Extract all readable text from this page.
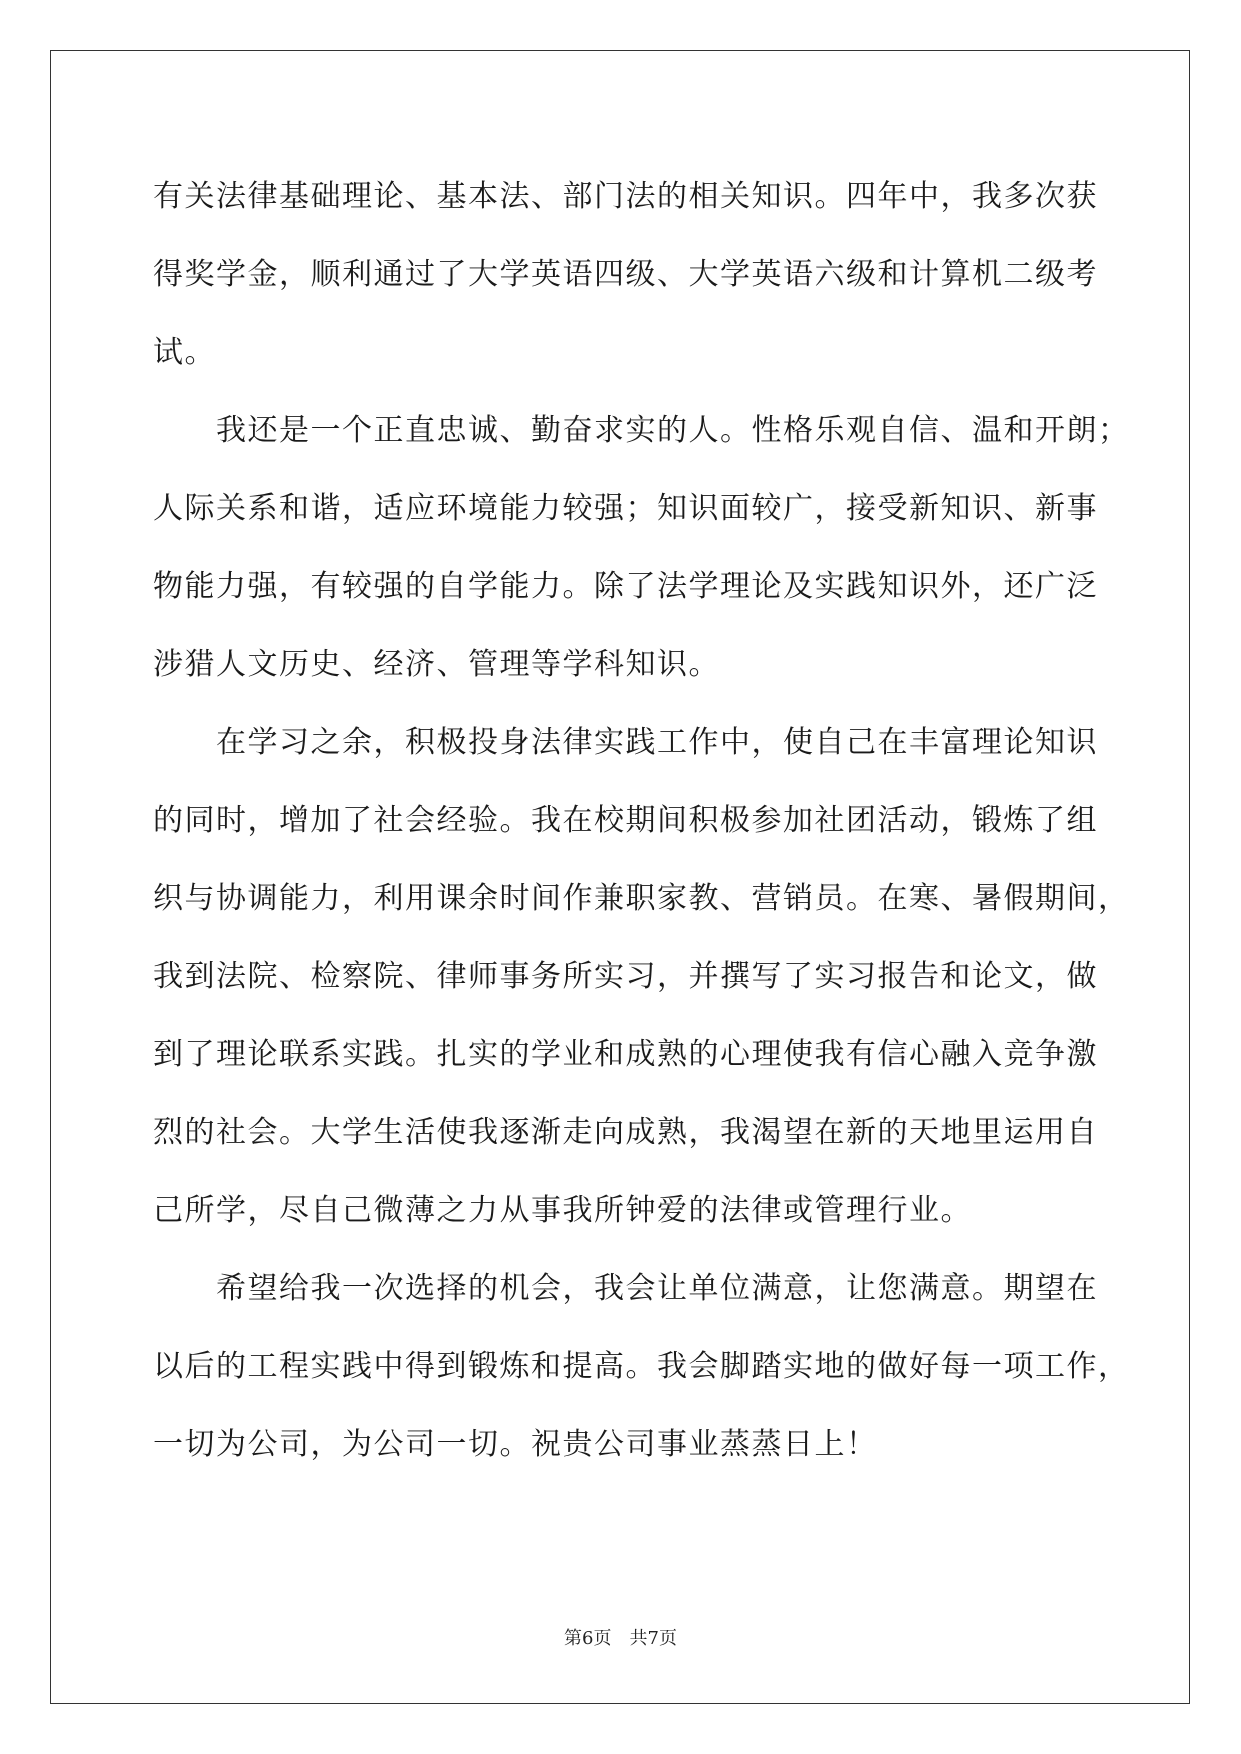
有关法律基础理论、基本法、部门法的相关知识。四年中，我多次获
得奖学金，顺利通过了大学英语四级、大学英语六级和计算机二级考
试。
我还是一个正直忠诚、勤奋求实的人。性格乐观自信、温和开朗；
人际关系和谐，适应环境能力较强；知识面较广，接受新知识、新事
物能力强，有较强的自学能力。除了法学理论及实践知识外，还广泛
涉猎人文历史、经济、管理等学科知识。
在学习之余，积极投身法律实践工作中，使自己在丰富理论知识
的同时，增加了社会经验。我在校期间积极参加社团活动，锻炼了组
织与协调能力，利用课余时间作兼职家教、营销员。在寒、暑假期间，
我到法院、检察院、律师事务所实习，并撰写了实习报告和论文，做
到了理论联系实践。扎实的学业和成熟的心理使我有信心融入竞争激
烈的社会。大学生活使我逐渐走向成熟，我渴望在新的天地里运用自
己所学，尽自己微薄之力从事我所钟爱的法律或管理行业。
希望给我一次选择的机会，我会让单位满意，让您满意。期望在
以后的工程实践中得到锻炼和提高。我会脚踏实地的做好每一项工作，
一切为公司，为公司一切。祝贵公司事业蒸蒸日上！
第6页 共7页
